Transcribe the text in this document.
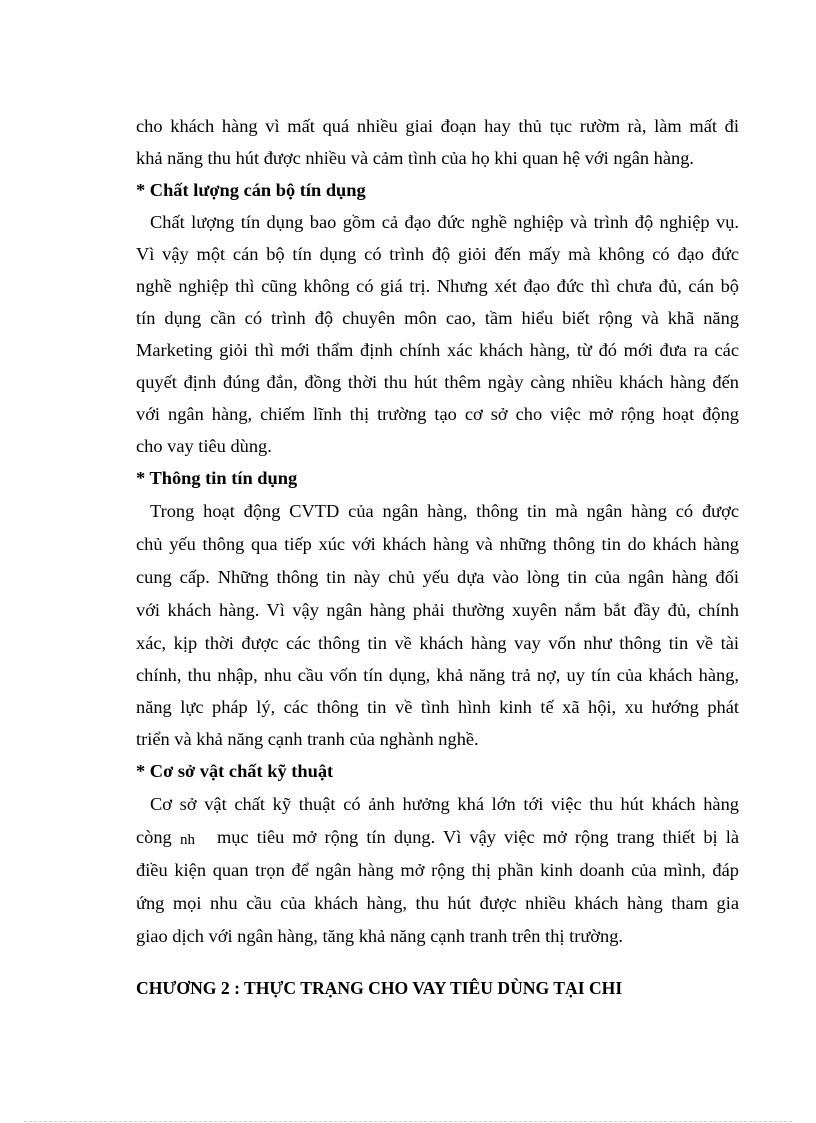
cho khách hàng vì mất quá nhiều giai đoạn hay thủ tục rườm rà, làm mất đi
khả năng thu hút được nhiều và cảm tình của họ khi quan hệ với ngân hàng.
* Chất lượng cán bộ tín dụng
Chất lượng tín dụng bao gồm cả đạo đức nghề nghiệp và trình độ nghiệp vụ.
Vì vậy một cán bộ tín dụng có trình độ giỏi đến mấy mà không có đạo đức
nghề nghiệp thì cũng không có giá trị. Nhưng xét đạo đức thì chưa đủ, cán bộ
tín dụng cần có trình độ chuyên môn cao, tầm hiểu biết rộng và khã năng
Marketing giỏi thì mới thẩm định chính xác khách hàng, từ đó mới đưa ra các
quyết định đúng đắn, đồng thời thu hút thêm ngày càng nhiều khách hàng đến
với ngân hàng, chiếm lĩnh thị trường tạo cơ sở cho việc mở rộng hoạt động
cho vay tiêu dùng.
* Thông tin tín dụng
Trong hoạt động CVTD của ngân hàng, thông tin mà ngân hàng có được
chủ yếu thông qua tiếp xúc với khách hàng và những thông tin do khách hàng
cung cấp. Những thông tin này chủ yếu dựa vào lòng tin của ngân hàng đối
với khách hàng. Vì vậy ngân hàng phải thường xuyên nắm bắt đầy đủ, chính
xác, kịp thời được các thông tin về khách hàng vay vốn như thông tin về tài
chính, thu nhập, nhu cầu vốn tín dụng, khả năng trả nợ, uy tín của khách hàng,
năng lực pháp lý, các thông tin về tình hình kinh tế xã hội, xu hướng phát
triển và khả năng cạnh tranh của nghành nghề.
* Cơ sở vật chất kỹ thuật
Cơ sở vật chất kỹ thuật có ảnh hưởng khá lớn tới việc thu hút khách hàng
còng nh mục tiêu mở rộng tín dụng. Vì vậy việc mở rộng trang thiết bị là
điều kiện quan trọn để ngân hàng mở rộng thị phần kinh doanh của mình, đáp
ứng mọi nhu cầu của khách hàng, thu hút được nhiều khách hàng tham gia
giao dịch với ngân hàng, tăng khả năng cạnh tranh trên thị trường.
CHƯƠNG 2 : THỰC TRẠNG CHO VAY TIÊU DÙNG TẠI CHI
